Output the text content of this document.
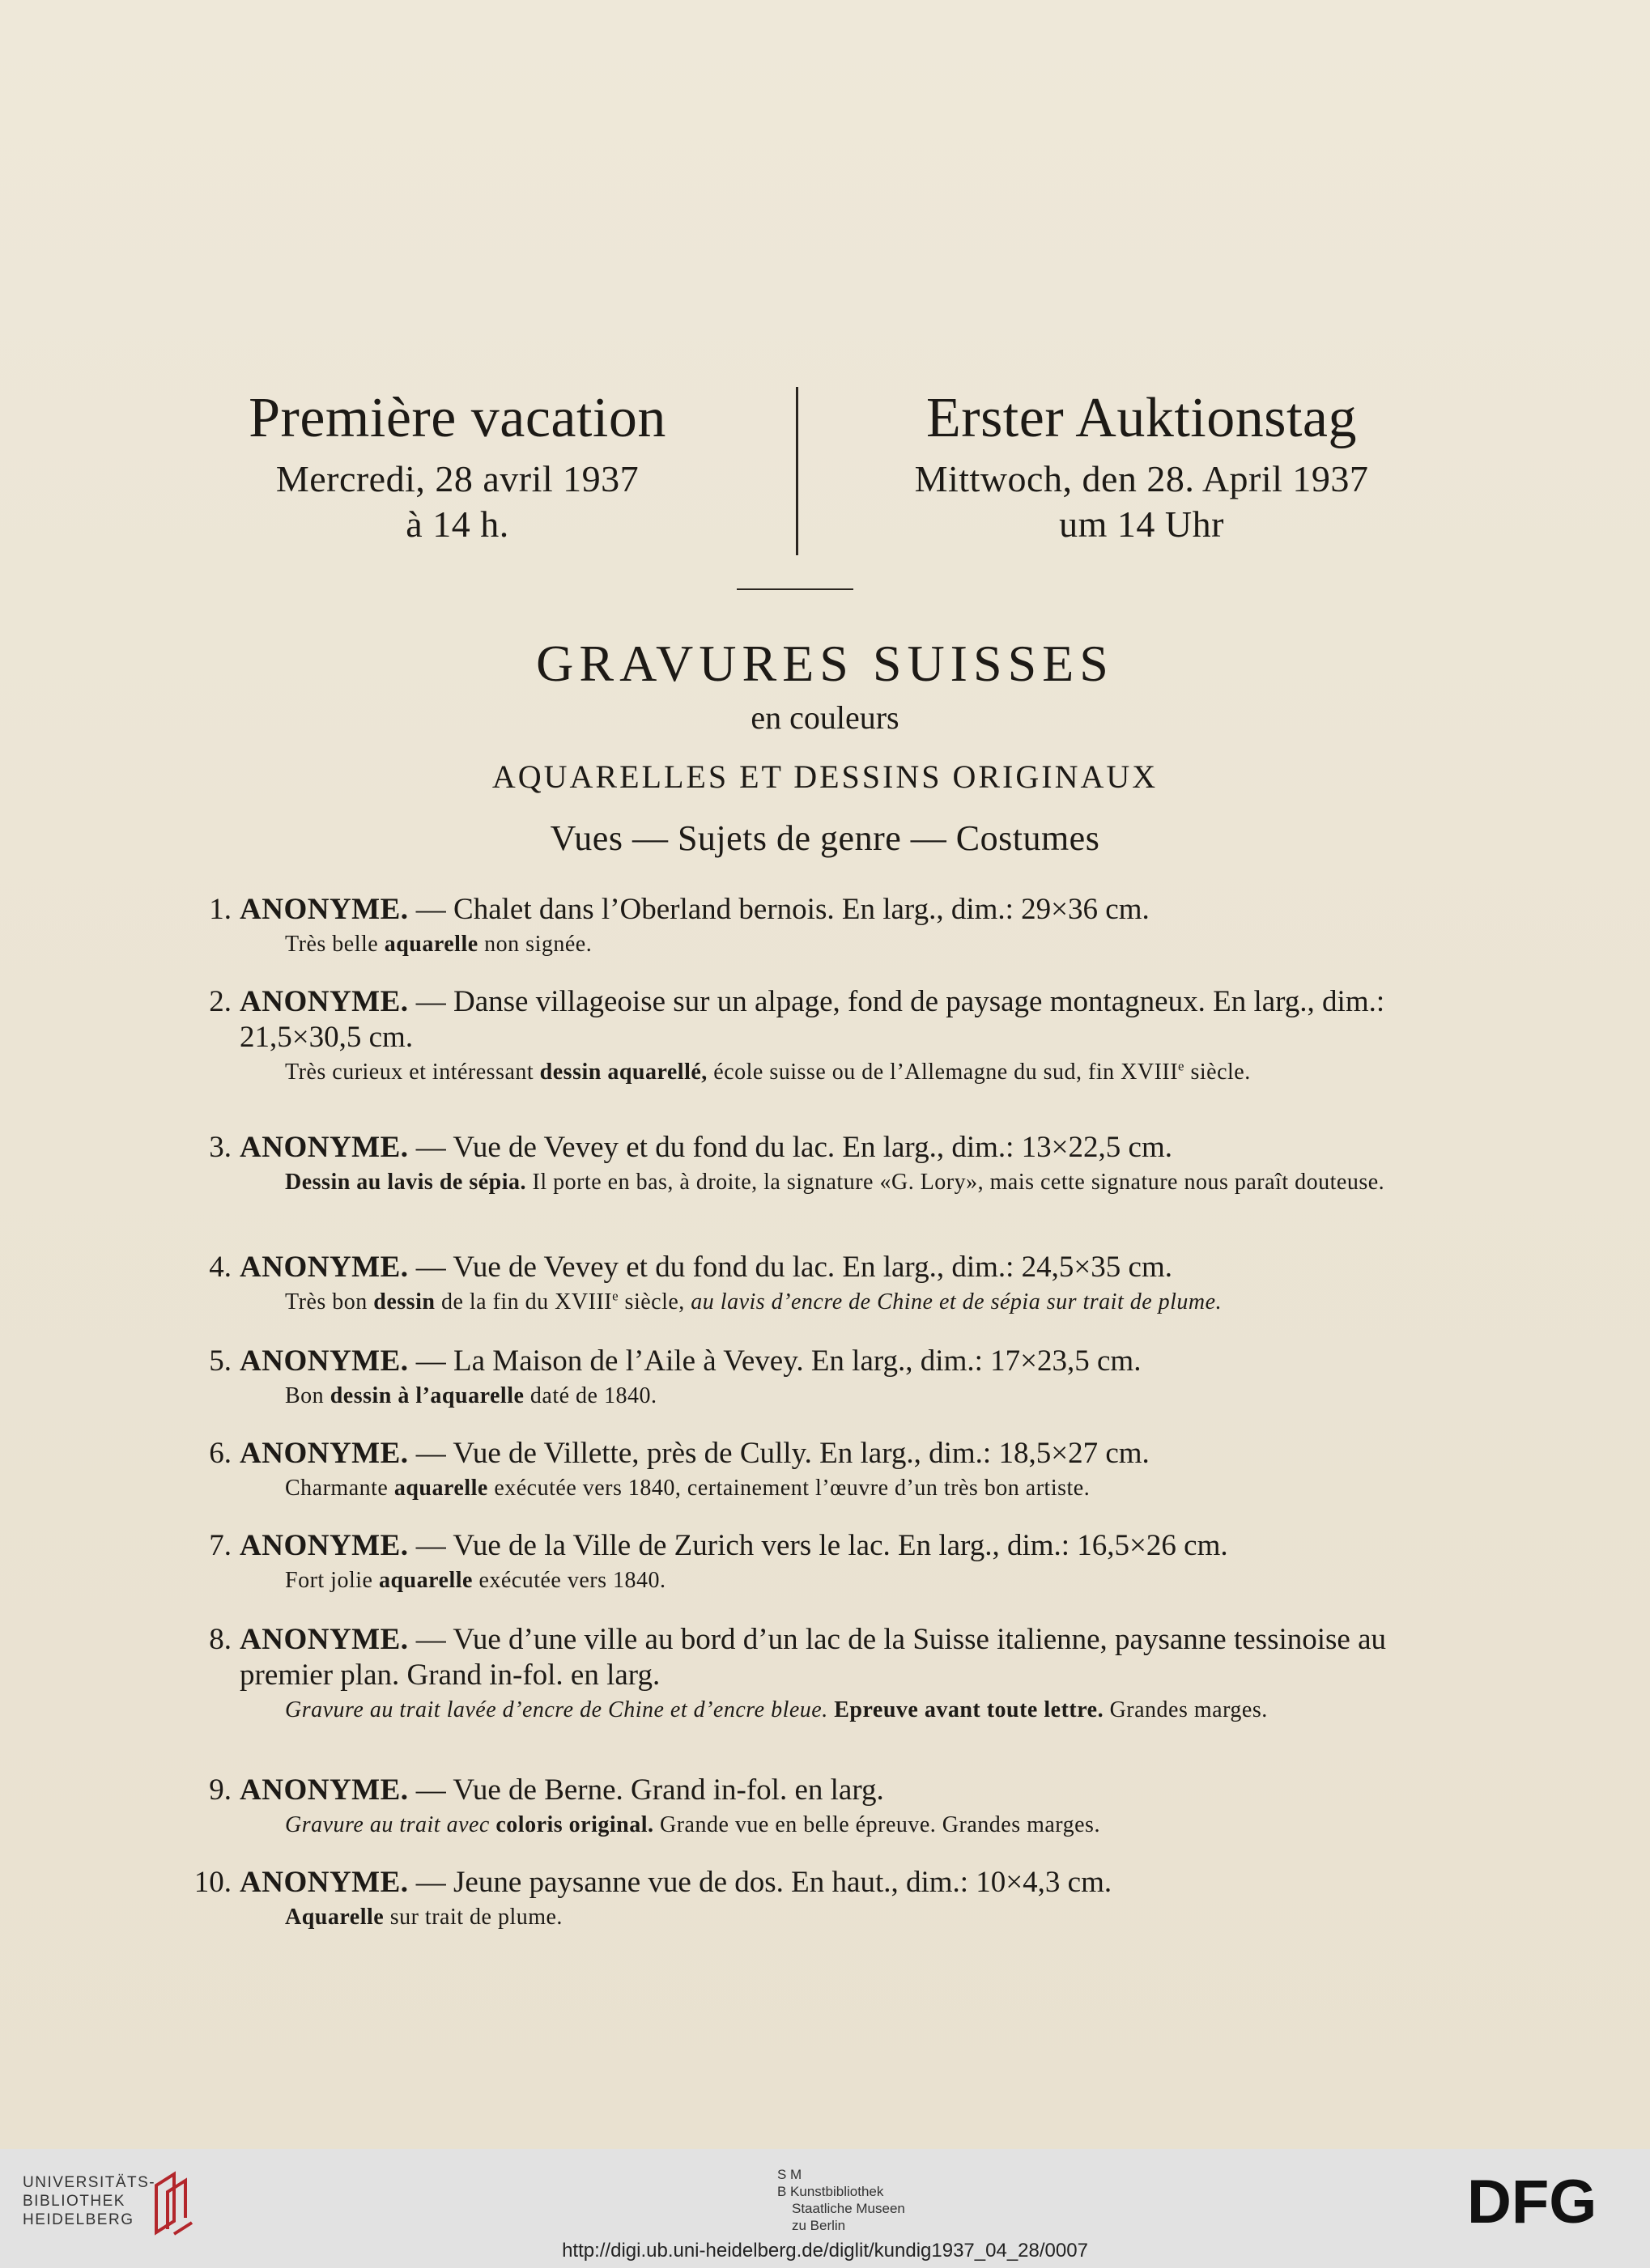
Première vacation
Mercredi, 28 avril 1937
à 14 h.
Erster Auktionstag
Mittwoch, den 28. April 1937
um 14 Uhr
GRAVURES SUISSES
en couleurs
AQUARELLES ET DESSINS ORIGINAUX
Vues — Sujets de genre — Costumes
1. ANONYME. — Chalet dans l’Oberland bernois. En larg., dim.: 29×36 cm.
Très belle aquarelle non signée.
2. ANONYME. — Danse villageoise sur un alpage, fond de paysage montagneux. En larg., dim.: 21,5×30,5 cm.
Très curieux et intéressant dessin aquarellé, école suisse ou de l’Allemagne du sud, fin XVIIIe siècle.
3. ANONYME. — Vue de Vevey et du fond du lac. En larg., dim.: 13×22,5 cm.
Dessin au lavis de sépia. Il porte en bas, à droite, la signature «G. Lory», mais cette signature nous paraît douteuse.
4. ANONYME. — Vue de Vevey et du fond du lac. En larg., dim.: 24,5×35 cm.
Très bon dessin de la fin du XVIIIe siècle, au lavis d’encre de Chine et de sépia sur trait de plume.
5. ANONYME. — La Maison de l’Aile à Vevey. En larg., dim.: 17×23,5 cm.
Bon dessin à l’aquarelle daté de 1840.
6. ANONYME. — Vue de Villette, près de Cully. En larg., dim.: 18,5×27 cm.
Charmante aquarelle exécutée vers 1840, certainement l’œuvre d’un très bon artiste.
7. ANONYME. — Vue de la Ville de Zurich vers le lac. En larg., dim.: 16,5×26 cm.
Fort jolie aquarelle exécutée vers 1840.
8. ANONYME. — Vue d’une ville au bord d’un lac de la Suisse italienne, paysanne tessinoise au premier plan. Grand in-fol. en larg.
Gravure au trait lavée d’encre de Chine et d’encre bleue. Epreuve avant toute lettre. Grandes marges.
9. ANONYME. — Vue de Berne. Grand in-fol. en larg.
Gravure au trait avec coloris original. Grande vue en belle épreuve. Grandes marges.
10. ANONYME. — Jeune paysanne vue de dos. En haut., dim.: 10×4,3 cm.
Aquarelle sur trait de plume.
UNIVERSITÄTS-
BIBLIOTHEK
HEIDELBERG
S M
B Kunstbibliothek
Staatliche Museen
zu Berlin	DFG
http://digi.ub.uni-heidelberg.de/diglit/kundig1937_04_28/0007
